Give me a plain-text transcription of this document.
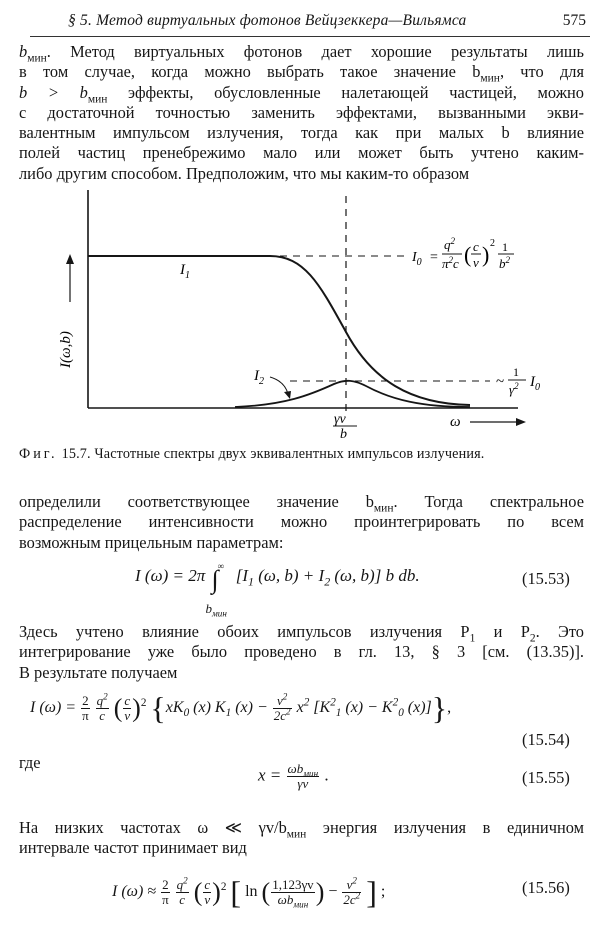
§ 5. Метод виртуальных фотонов Вейцзеккера—Вильямса	575
$b_{мин}$. Метод виртуальных фотонов дает хорошие результаты лишь
в том случае, когда можно выбрать такое значение $b_{мин}$, что для
$b > b_{мин}$ эффекты, обусловленные налетающей частицей, можно
с достаточной точностью заменить эффектами, вызванными экви-
валентным импульсом излучения, тогда как при малых b влияние
полей частиц пренебрежимо мало или может быть учтено каким-
либо другим способом. Предположим, что мы каким-то образом
I(ω,b)
ω
$I_1$
$I_2$
γv
b
$I_0$ =
$q^2$
$\pi^2c$ ( c
v ) 2 1
$b^2$
~
1
$\gamma^2$ $I_0$
Фиг. 15.7. Частотные спектры двух эквивалентных импульсов излучения.
определили соответствующее значение $b_{мин}$. Тогда спектральное
распределение интенсивности можно проинтегрировать по всем
возможным прицельным параметрам:
I (ω) = 2π ∫
∞
$b_{мин}$
[$I_1$ (ω, $b) + I_2$ (ω, b)] b db.	(15.53)
Здесь учтено влияние обоих импульсов излучения $P_1$ и $P_2$. Это
интегрирование уже было проведено в гл. 13, § 3 [см. (13.35)].
В результате получаем
I $(\omega) = \frac{2}{\pi}$
$\frac{q^2}{c}$ ( $\frac{c}{v} )^2$ {$xK_0$ (x) $K_1$ $(x) - \frac{v^2}{2c^2} x^2$ [$K^2_1$ $(x) - K^2_0$ (x)]},
(15.54)
где
$x = \frac{\omega b_{мин}}{\gamma v}$ .	(15.55)
На низких частотах ω ≪ $\gamma v/b_{мин}$ энергия излучения в единичном
интервале частот принимает вид
I $(\omega) \approx \frac{2}{\pi}$
$\frac{q^2}{c}$ ( $\frac{c}{v} )^2$ [ ln ( $\frac{1,123\gamma v}{\omega b_{мин}}$ ) − $\frac{v^2}{2c^2}$ ] ;	(15.56)
